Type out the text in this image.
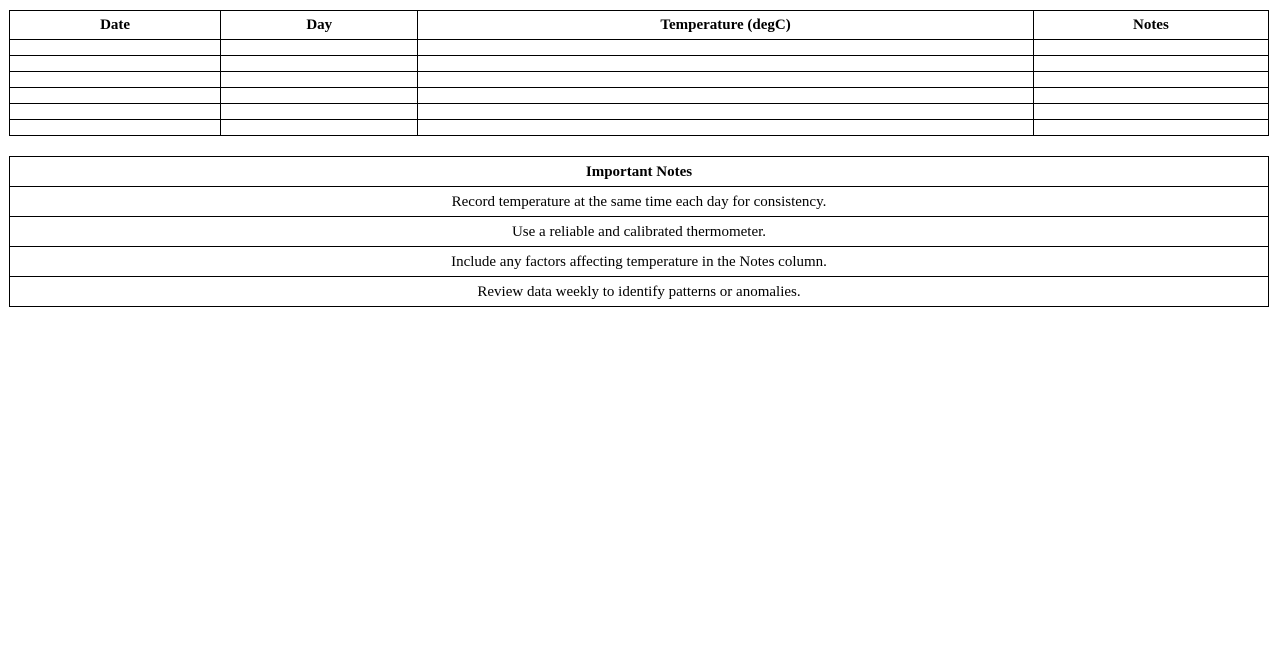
Date	Day	Temperature (degC)	Notes

Important Notes
Record temperature at the same time each day for consistency.
Use a reliable and calibrated thermometer.
Include any factors affecting temperature in the Notes column.
Review data weekly to identify patterns or anomalies.
